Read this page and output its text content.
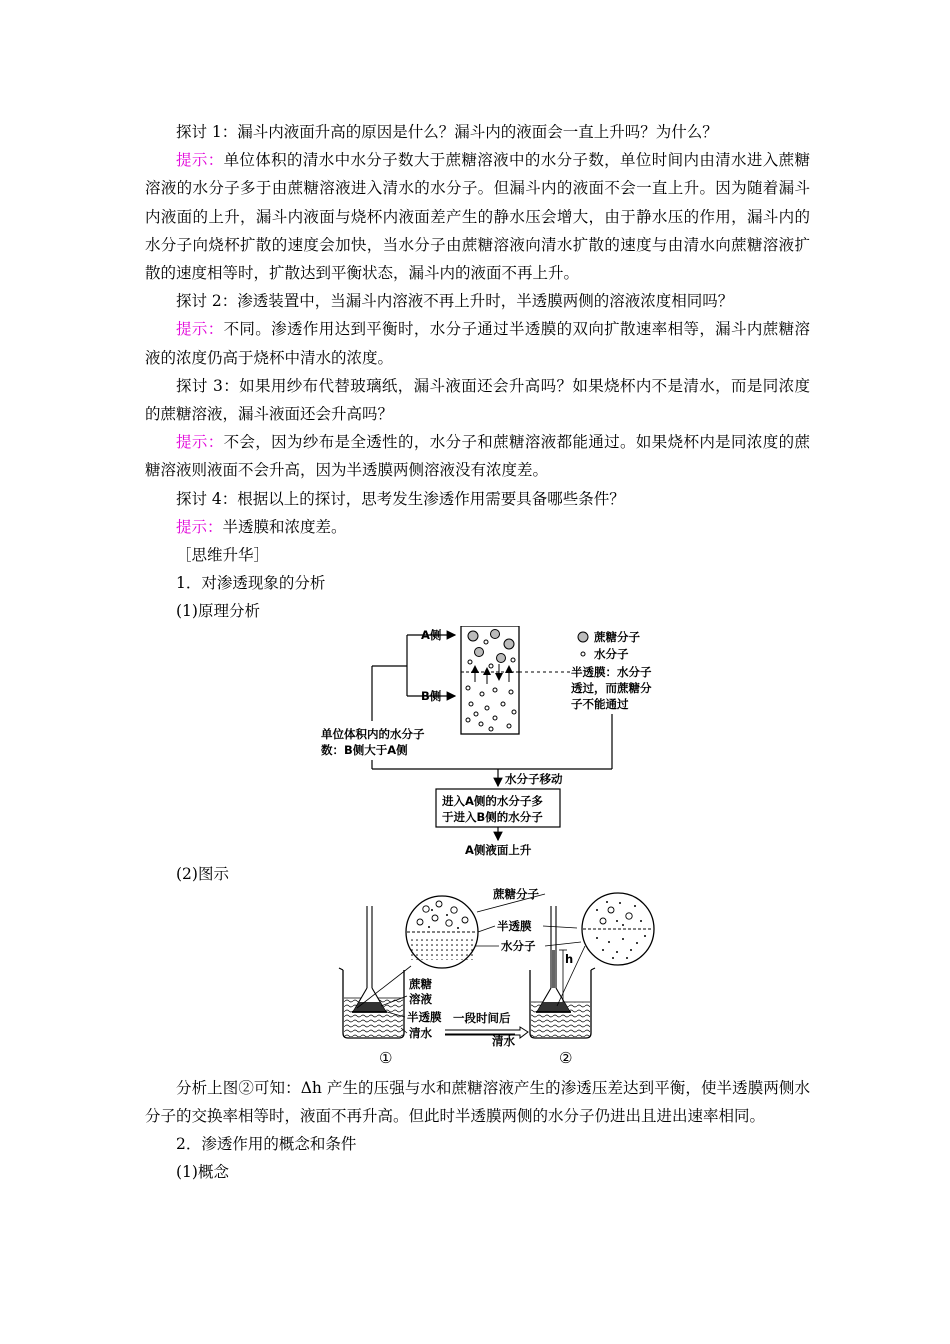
探讨 1：漏斗内液面升高的原因是什么？漏斗内的液面会一直上升吗？为什么？

提示：单位体积的清水中水分子数大于蔗糖溶液中的水分子数，单位时间内由清水进入蔗糖溶液的水分子多于由蔗糖溶液进入清水的水分子。但漏斗内的液面不会一直上升。因为随着漏斗内液面的上升，漏斗内液面与烧杯内液面差产生的静水压会增大，由于静水压的作用，漏斗内的水分子向烧杯扩散的速度会加快，当水分子由蔗糖溶液向清水扩散的速度与由清水向蔗糖溶液扩散的速度相等时，扩散达到平衡状态，漏斗内的液面不再上升。

探讨 2：渗透装置中，当漏斗内溶液不再上升时，半透膜两侧的溶液浓度相同吗？

提示：不同。渗透作用达到平衡时，水分子通过半透膜的双向扩散速率相等，漏斗内蔗糖溶液的浓度仍高于烧杯中清水的浓度。

探讨 3：如果用纱布代替玻璃纸，漏斗液面还会升高吗？如果烧杯内不是清水，而是同浓度的蔗糖溶液，漏斗液面还会升高吗？

提示：不会，因为纱布是全透性的，水分子和蔗糖溶液都能通过。如果烧杯内是同浓度的蔗糖溶液则液面不会升高，因为半透膜两侧溶液没有浓度差。

探讨 4：根据以上的探讨，思考发生渗透作用需要具备哪些条件？

提示：半透膜和浓度差。

［思维升华］

1．对渗透现象的分析

(1)原理分析

A侧
B侧
蔗糖分子
水分子
半透膜：水分子
透过，而蔗糖分
子不能通过
单位体积内的水分子
数：B侧大于A侧
水分子移动
进入A侧的水分子多
于进入B侧的水分子
A侧液面上升

(2)图示

蔗糖
溶液
半透膜
清水
蔗糖分子
半透膜
水分子
一段时间后
清水
h
①	②

分析上图②可知：Δh 产生的压强与水和蔗糖溶液产生的渗透压差达到平衡，使半透膜两侧水分子的交换率相等时，液面不再升高。但此时半透膜两侧的水分子仍进出且进出速率相同。

2．渗透作用的概念和条件

(1)概念
